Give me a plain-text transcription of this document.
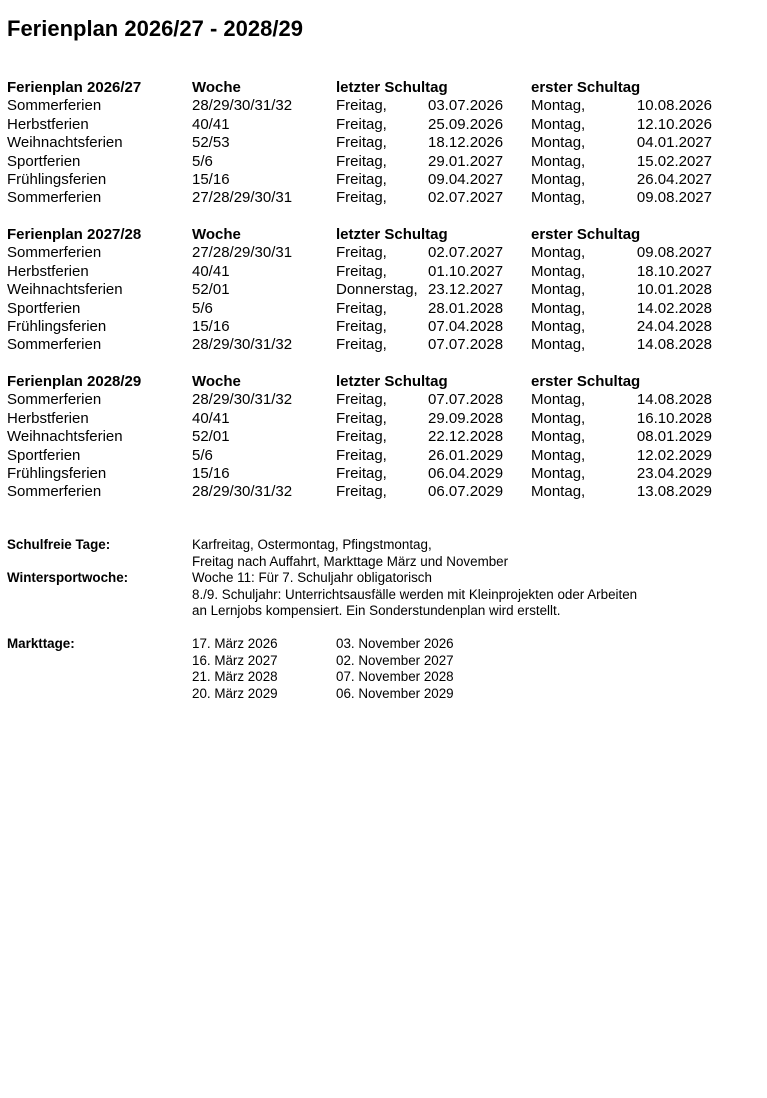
Ferienplan 2026/27 - 2028/29
Ferienplan 2026/27	Woche	letzter Schultag	erster Schultag
Sommerferien	28/29/30/31/32	Freitag,	03.07.2026 Montag,	10.08.2026
Herbstferien	40/41	Freitag,	25.09.2026 Montag,	12.10.2026
Weihnachtsferien	52/53	Freitag,	18.12.2026 Montag,	04.01.2027
Sportferien	5/6	Freitag,	29.01.2027 Montag,	15.02.2027
Frühlingsferien	15/16	Freitag,	09.04.2027 Montag,	26.04.2027
Sommerferien	27/28/29/30/31	Freitag,	02.07.2027 Montag,	09.08.2027
Ferienplan 2027/28	Woche	letzter Schultag	erster Schultag
Sommerferien	27/28/29/30/31	Freitag,	02.07.2027 Montag,	09.08.2027
Herbstferien	40/41	Freitag,	01.10.2027 Montag,	18.10.2027
Weihnachtsferien	52/01	Donnerstag, 23.12.2027 Montag,	10.01.2028
Sportferien	5/6	Freitag,	28.01.2028 Montag,	14.02.2028
Frühlingsferien	15/16	Freitag,	07.04.2028 Montag,	24.04.2028
Sommerferien	28/29/30/31/32	Freitag,	07.07.2028 Montag,	14.08.2028
Ferienplan 2028/29	Woche	letzter Schultag	erster Schultag
Sommerferien	28/29/30/31/32	Freitag,	07.07.2028 Montag,	14.08.2028
Herbstferien	40/41	Freitag,	29.09.2028 Montag,	16.10.2028
Weihnachtsferien	52/01	Freitag,	22.12.2028 Montag,	08.01.2029
Sportferien	5/6	Freitag,	26.01.2029 Montag,	12.02.2029
Frühlingsferien	15/16	Freitag,	06.04.2029 Montag,	23.04.2029
Sommerferien	28/29/30/31/32	Freitag,	06.07.2029 Montag,	13.08.2029
Schulfreie Tage:	Karfreitag, Ostermontag, Pfingstmontag,
Freitag nach Auffahrt, Markttage März und November
Wintersportwoche:	Woche 11: Für 7. Schuljahr obligatorisch
8./9. Schuljahr: Unterrichtsausfälle werden mit Kleinprojekten oder Arbeiten
an Lernjobs kompensiert. Ein Sonderstundenplan wird erstellt.
Markttage:	17. März 2026	03. November 2026
16. März 2027	02. November 2027
21. März 2028	07. November 2028
20. März 2029	06. November 2029
